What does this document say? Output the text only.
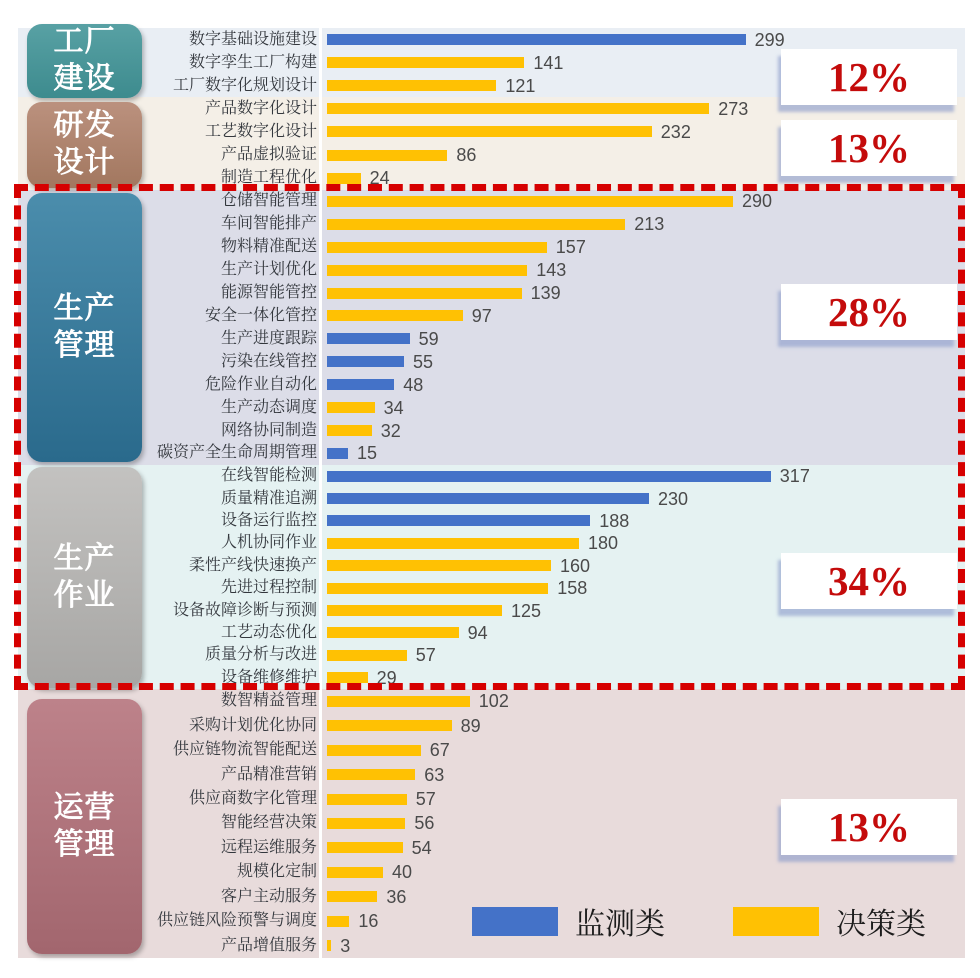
数字基础设施建设	299
数字孪生工厂构建	141
工厂数字化规划设计	121
产品数字化设计	273
工艺数字化设计	232
产品虚拟验证	86
制造工程优化	24
仓储智能管理	290
车间智能排产	213
物料精准配送	157
生产计划优化	143
能源智能管控	139
安全一体化管控	97
生产进度跟踪	59
污染在线管控	55
危险作业自动化	48
生产动态调度	34
网络协同制造	32
碳资产全生命周期管理 15
在线智能检测	317
质量精准追溯	230
设备运行监控	188
人机协同作业	180
柔性产线快速换产	160
先进过程控制	158
设备故障诊断与预测	125
工艺动态优化	94
质量分析与改进	57
设备维修维护	29
数智精益管理	102
采购计划优化协同	89
供应链物流智能配送	67
产品精准营销	63
供应商数字化管理	57
智能经营决策	56
远程运维服务	54
规模化定制	40
客户主动服务	36
供应链风险预警与调度 16
产品增值服务 3
工厂
建设
研发
设计
生产
管理
生产
作业
运营
管理
12%
13%
28%
34%
13%
监测类	决策类
